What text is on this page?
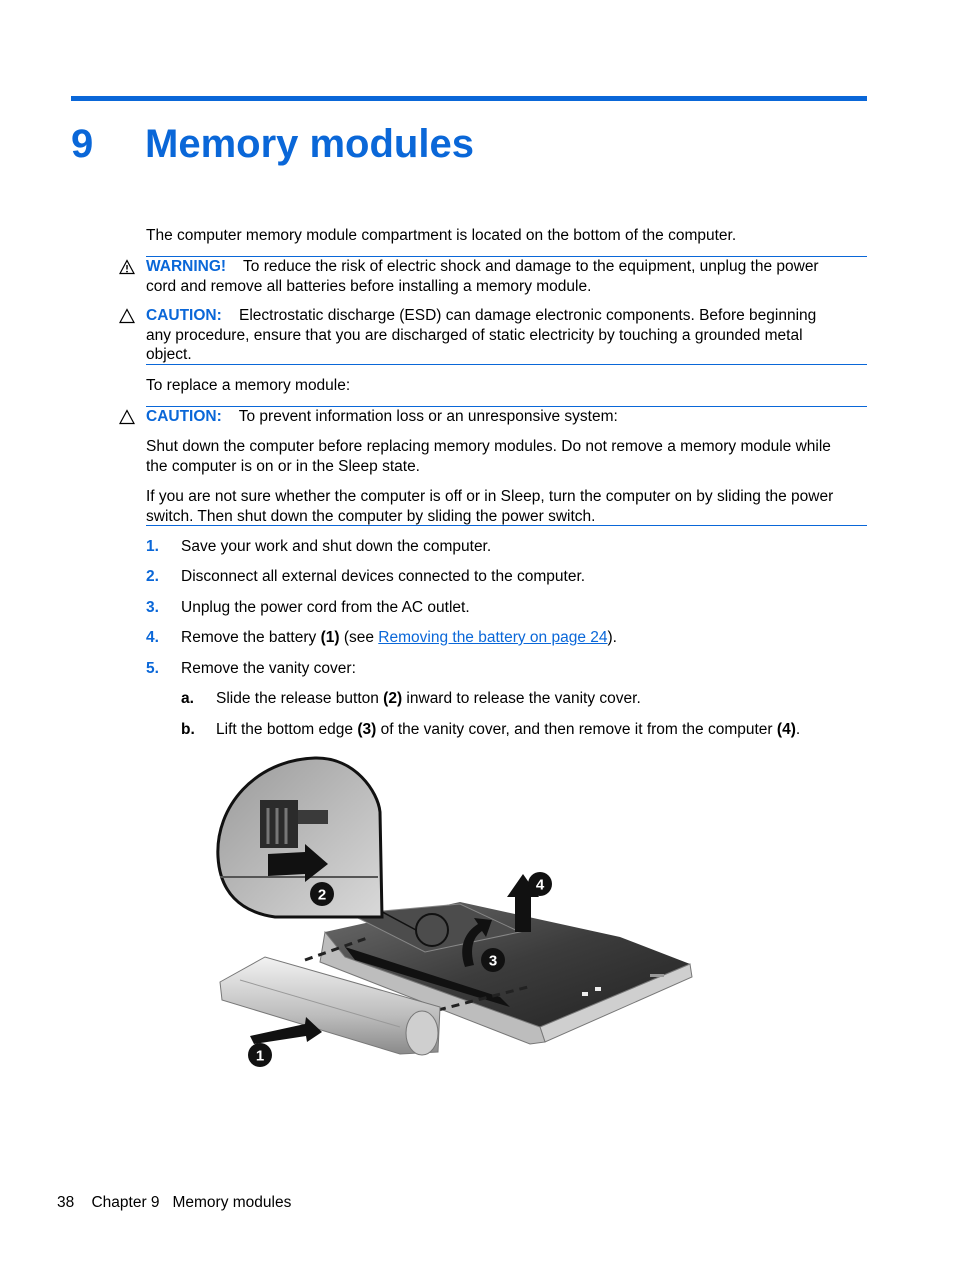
9 Memory modules
The computer memory module compartment is located on the bottom of the computer.
WARNING! To reduce the risk of electric shock and damage to the equipment, unplug the power
cord and remove all batteries before installing a memory module.
CAUTION: Electrostatic discharge (ESD) can damage electronic components. Before beginning
any procedure, ensure that you are discharged of static electricity by touching a grounded metal
object.
To replace a memory module:
CAUTION: To prevent information loss or an unresponsive system:
Shut down the computer before replacing memory modules. Do not remove a memory module while
the computer is on or in the Sleep state.
If you are not sure whether the computer is off or in Sleep, turn the computer on by sliding the power
switch. Then shut down the computer by sliding the power switch.
1. Save your work and shut down the computer.
2. Disconnect all external devices connected to the computer.
3. Unplug the power cord from the AC outlet.
4. Remove the battery (1) (see Removing the battery on page 24).
5. Remove the vanity cover:
a. Slide the release button (2) inward to release the vanity cover.
b. Lift the bottom edge (3) of the vanity cover, and then remove it from the computer (4).
1
2
3
4
38 Chapter 9 Memory modules
